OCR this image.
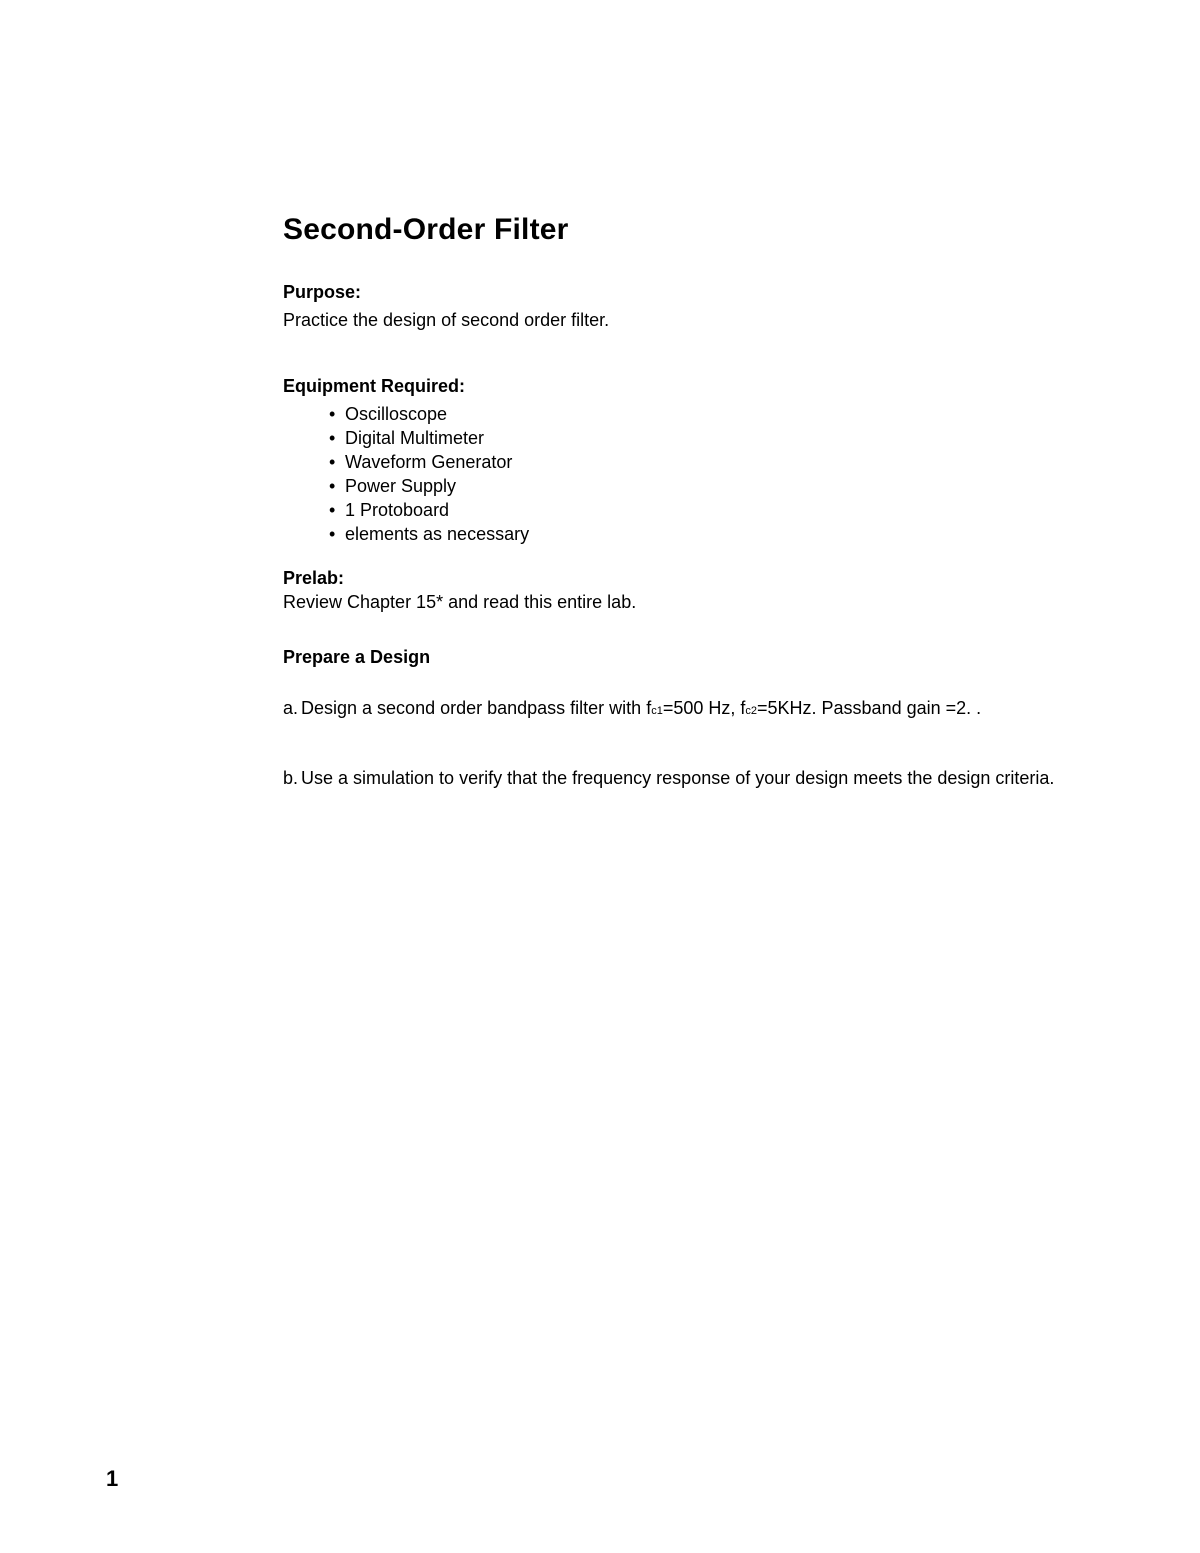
Second-Order Filter
Purpose:

Practice the design of second order filter.

Equipment Required:
• Oscilloscope
• Digital Multimeter
• Waveform Generator
• Power Supply
• 1 Protoboard
• elements as necessary
Prelab:

Review Chapter 15* and read this entire lab.

Prepare a Design
a. Design a second order bandpass filter with fc1=500 Hz, fc2=5KHz. Passband gain =2. .
b. Use a simulation to verify that the frequency response of your design meets the design criteria.
1
